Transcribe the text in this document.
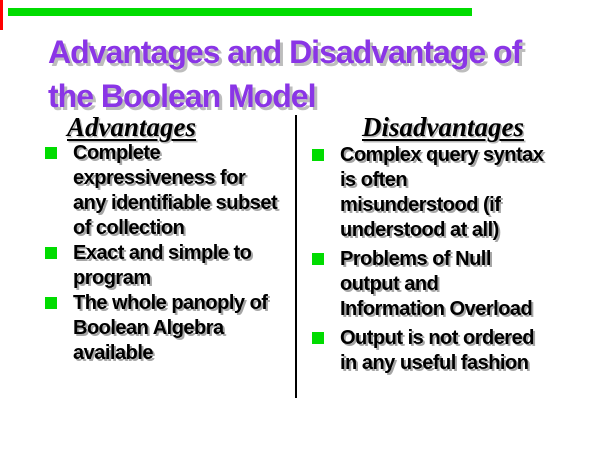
Advantages and Disadvantage of
the Boolean Model
Advantages
Complete
expressiveness for
any identifiable subset
of collection
Exact and simple to
program
The whole panoply of
Boolean Algebra
available
Disadvantages
Complex query syntax
is often
misunderstood (if
understood at all)
Problems of Null
output and
Information Overload
Output is not ordered
in any useful fashion
